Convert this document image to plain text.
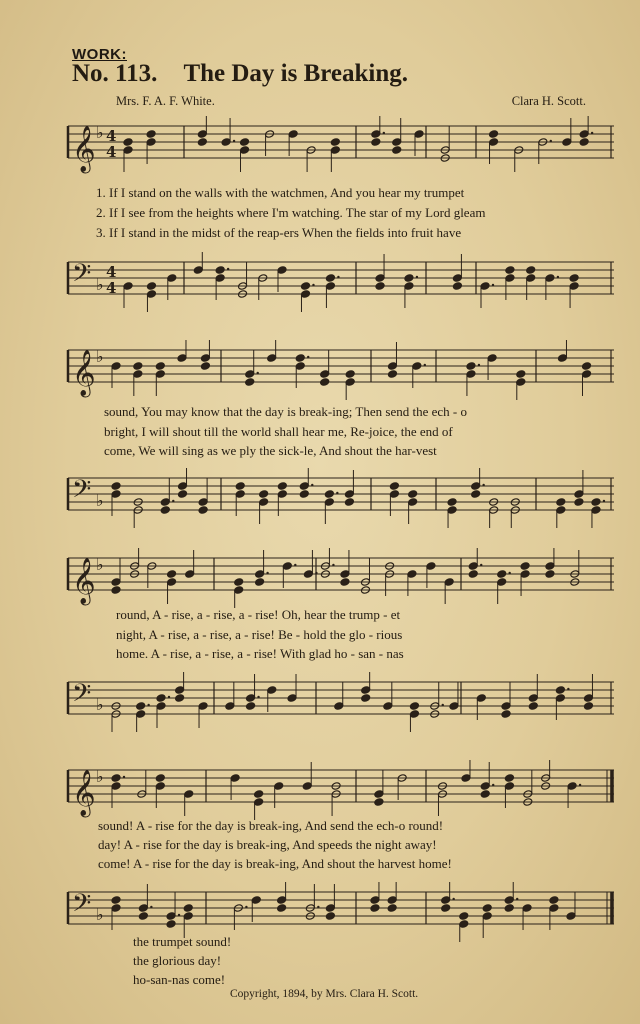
WORK:
No. 113. The Day is Breaking.
Mrs. F. A. F. White.	Clara H. Scott.
𝄞 ♭ 4
4
𝄢 ♭
4
4
𝄞 ♭
𝄢 ♭
𝄞 ♭
𝄢 ♭
𝄞 ♭
𝄢 ♭
1. If I stand on the walls with the watchmen, And you hear my trumpet
2. If I see from the heights where I'm watching. The star of my Lord gleam
3. If I stand in the midst of the reap-ers When the fields into fruit have
sound, You may know that the day is break-ing; Then send the ech - o
bright, I will shout till the world shall hear me, Re-joice, the end of
come, We will sing as we ply the sick-le, And shout the har-vest
round, A - rise, a - rise, a - rise! Oh, hear the trump - et
night, A - rise, a - rise, a - rise! Be - hold the glo - rious
home. A - rise, a - rise, a - rise! With glad ho - san - nas
sound! A - rise for the day is break-ing, And send the ech-o round!
day! A - rise for the day is break-ing, And speeds the night away!
come! A - rise for the day is break-ing, And shout the harvest home!
the trumpet sound!
the glorious day!
ho-san-nas come!
Copyright, 1894, by Mrs. Clara H. Scott.
